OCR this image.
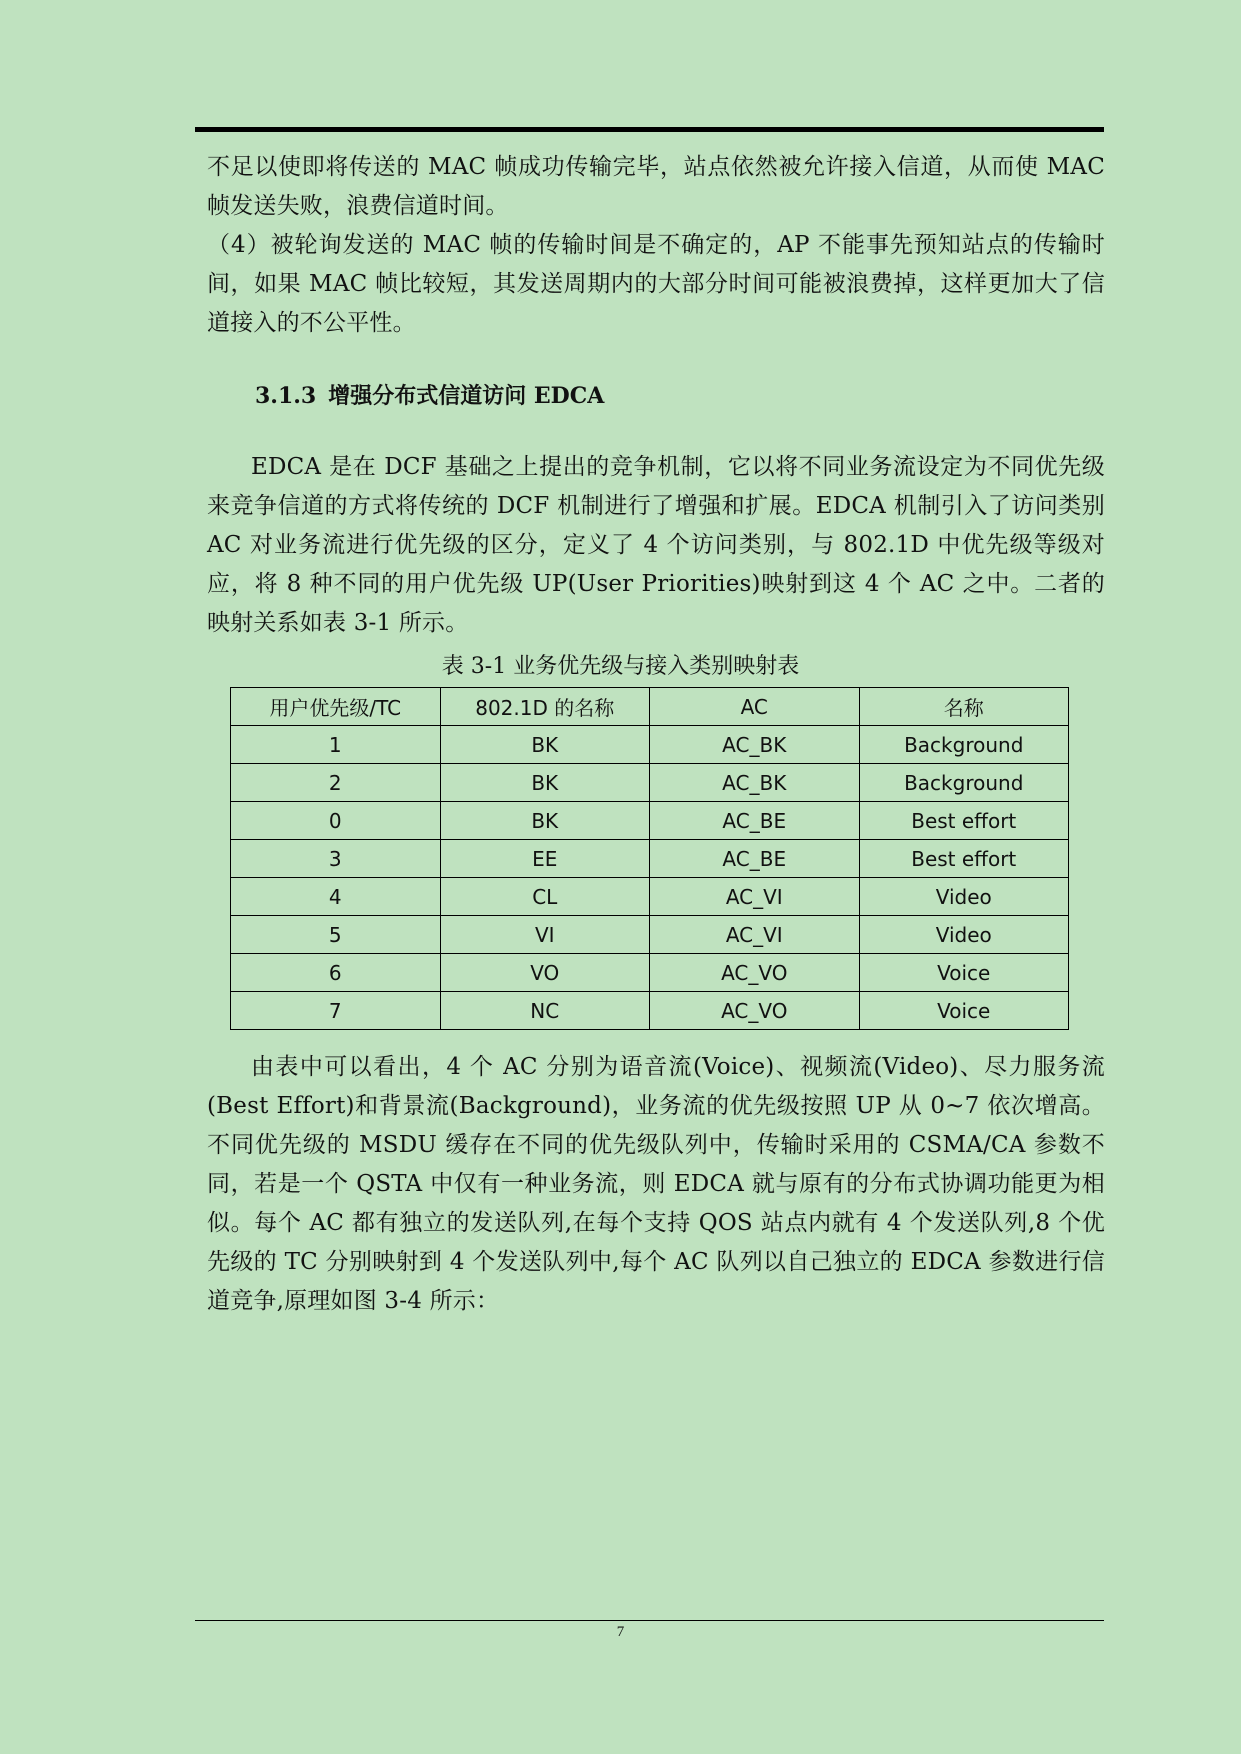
不足以使即将传送的 MAC 帧成功传输完毕，站点依然被允许接入信道，从而使 MAC 帧发送失败，浪费信道时间。

（4）被轮询发送的 MAC 帧的传输时间是不确定的，AP 不能事先预知站点的传输时间，如果 MAC 帧比较短，其发送周期内的大部分时间可能被浪费掉，这样更加大了信道接入的不公平性。

3.1.3 增强分布式信道访问 EDCA

EDCA 是在 DCF 基础之上提出的竞争机制，它以将不同业务流设定为不同优先级来竞争信道的方式将传统的 DCF 机制进行了增强和扩展。EDCA 机制引入了访问类别 AC 对业务流进行优先级的区分，定义了 4 个访问类别，与 802.1D 中优先级等级对应，将 8 种不同的用户优先级 UP(User Priorities)映射到这 4 个 AC 之中。二者的映射关系如表 3-1 所示。

表 3-1 业务优先级与接入类别映射表
用户优先级/TC	802.1D 的名称	AC	名称
1	BK	AC_BK	Background
2	BK	AC_BK	Background
0	BK	AC_BE	Best effort
3	EE	AC_BE	Best effort
4	CL	AC_VI	Video
5	VI	AC_VI	Video
6	VO	AC_VO	Voice
7	NC	AC_VO	Voice

由表中可以看出，4 个 AC 分别为语音流(Voice)、视频流(Video)、尽力服务流(Best Effort)和背景流(Background)，业务流的优先级按照 UP 从 0~7 依次增高。不同优先级的 MSDU 缓存在不同的优先级队列中，传输时采用的 CSMA/CA 参数不同，若是一个 QSTA 中仅有一种业务流，则 EDCA 就与原有的分布式协调功能更为相似。每个 AC 都有独立的发送队列,在每个支持 QOS 站点内就有 4 个发送队列,8 个优先级的 TC 分别映射到 4 个发送队列中,每个 AC 队列以自己独立的 EDCA 参数进行信道竞争,原理如图 3-4 所示：

7
